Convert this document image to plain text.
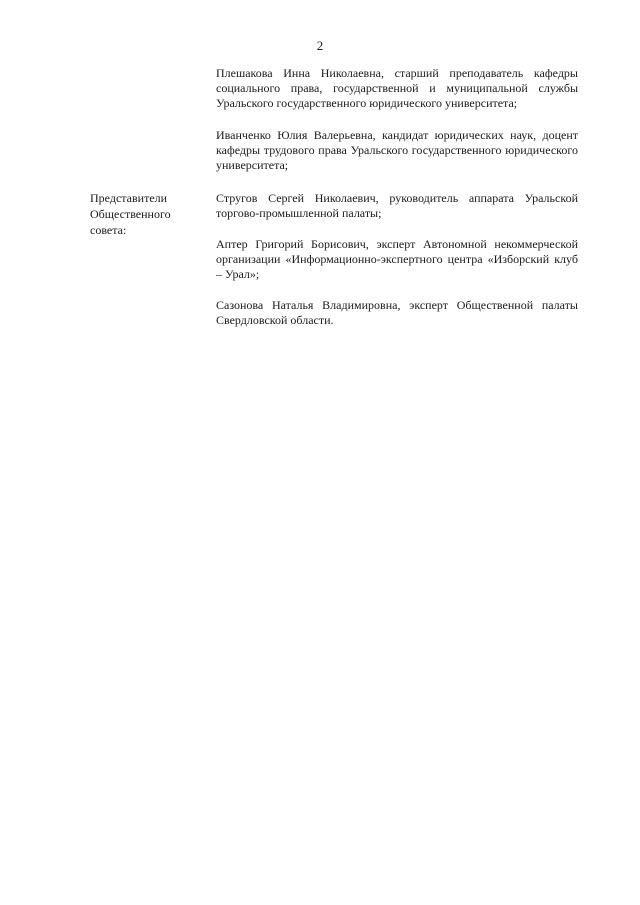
2
Плешакова Инна Николаевна, старший преподаватель кафедры социального права, государственной и муниципальной службы Уральского государственного юридического университета;
Иванченко Юлия Валерьевна, кандидат юридических наук, доцент кафедры трудового права Уральского государственного юридического университета;
Представители Общественного совета:
Стругов Сергей Николаевич, руководитель аппарата Уральской торгово-промышленной палаты;
Аптер Григорий Борисович, эксперт Автономной некоммерческой организации «Информационно-экспертного центра «Изборский клуб – Урал»;
Сазонова Наталья Владимировна, эксперт Общественной палаты Свердловской области.
